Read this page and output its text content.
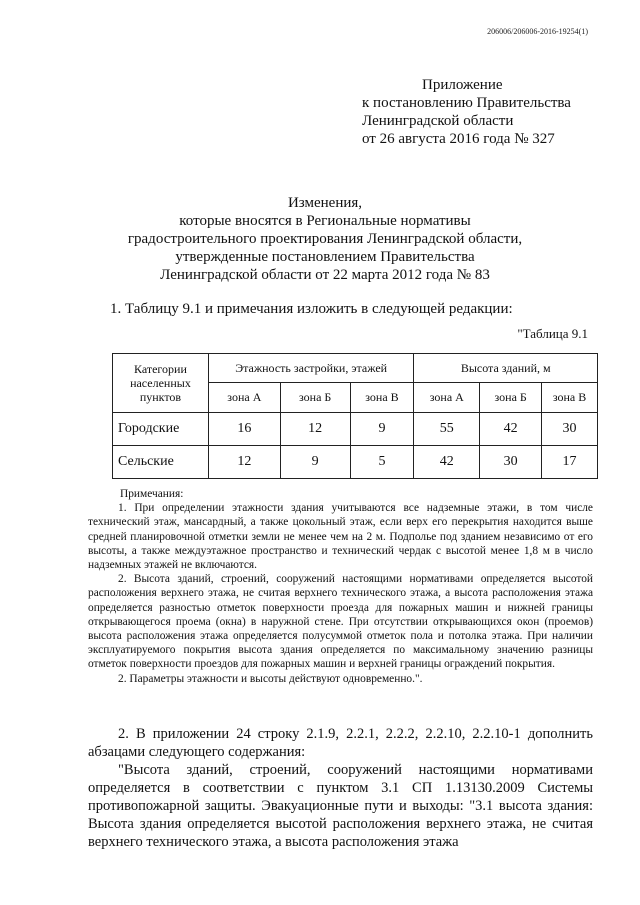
206006/206006-2016-19254(1)
Приложение
к постановлению Правительства
Ленинградской области
от 26 августа 2016 года № 327
Изменения,
которые вносятся в Региональные нормативы
градостроительного проектирования Ленинградской области,
утвержденные постановлением Правительства
Ленинградской области от 22 марта 2012 года № 83
1. Таблицу 9.1 и примечания изложить в следующей редакции:
"Таблица 9.1
Категории населенных пунктов	Этажность застройки, этажей			Высота зданий, м		
	зона А	зона Б	зона В	зона А	зона Б	зона В
Городские	16	12	9	55	42	30
Сельские	12	9	5	42	30	17
Примечания:

1. При определении этажности здания учитываются все надземные этажи, в том числе технический этаж, мансардный, а также цокольный этаж, если верх его перекрытия находится выше средней планировочной отметки земли не менее чем на 2 м. Подполье под зданием независимо от его высоты, а также междуэтажное пространство и технический чердак с высотой менее 1,8 м в число надземных этажей не включаются.

2. Высота зданий, строений, сооружений настоящими нормативами определяется высотой расположения верхнего этажа, не считая верхнего технического этажа, а высота расположения этажа определяется разностью отметок поверхности проезда для пожарных машин и нижней границы открывающегося проема (окна) в наружной стене. При отсутствии открывающихся окон (проемов) высота расположения этажа определяется полусуммой отметок пола и потолка этажа. При наличии эксплуатируемого покрытия высота здания определяется по максимальному значению разницы отметок поверхности проездов для пожарных машин и верхней границы ограждений покрытия.

2. Параметры этажности и высоты действуют одновременно.".

2. В приложении 24 строку 2.1.9, 2.2.1, 2.2.2, 2.2.10, 2.2.10-1 дополнить абзацами следующего содержания:

"Высота зданий, строений, сооружений настоящими нормативами определяется в соответствии с пунктом 3.1 СП 1.13130.2009 Системы противопожарной защиты. Эвакуационные пути и выходы: "3.1 высота здания: Высота здания определяется высотой расположения верхнего этажа, не считая верхнего технического этажа, а высота расположения этажа
